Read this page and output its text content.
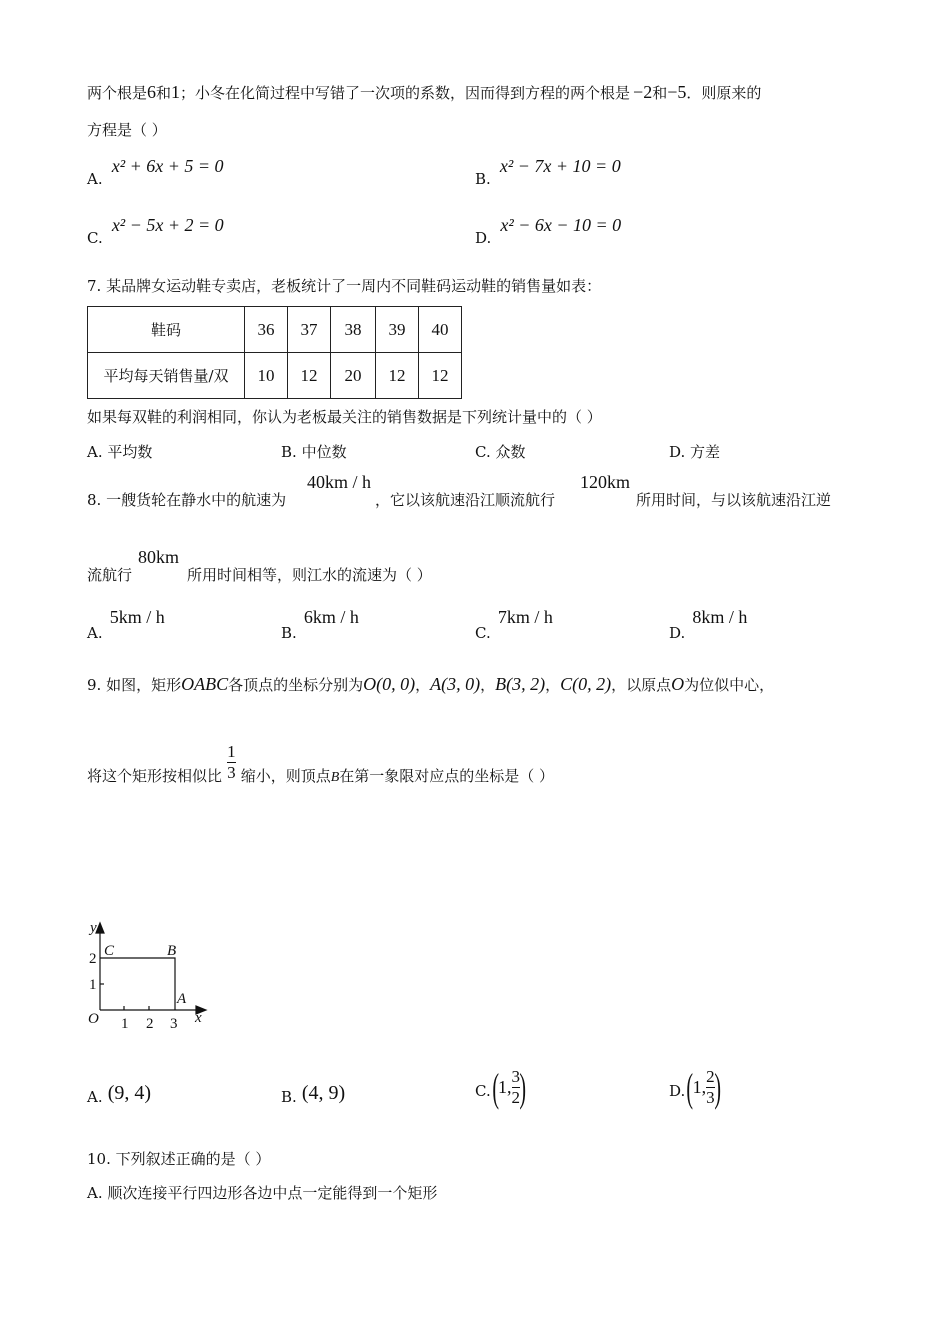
两个根是6和1；小冬在化简过程中写错了一次项的系数，因而得到方程的两个根是 −2和−5．则原来的
方程是（ ）
A. x² + 6x + 5 = 0
B. x² − 7x + 10 = 0
C. x² − 5x + 2 = 0
D. x² − 6x − 10 = 0
7. 某品牌女运动鞋专卖店，老板统计了一周内不同鞋码运动鞋的销售量如表：
鞋码	36	37	38	39	40
平均每天销售量/双	10	12	20	12	12
如果每双鞋的利润相同，你认为老板最关注的销售数据是下列统计量中的（ ）
A. 平均数	B. 中位数	C. 众数	D. 方差
8. 一艘货轮在静水中的航速为
40km / h
，它以该航速沿江顺流航行
120km
所用时间，与以该航速沿江逆
流航行
80km
所用时间相等，则江水的流速为（ ）
A. 5km / h
B. 6km / h
C. 7km / h
D. 8km / h
9. 如图，矩形OABC各顶点的坐标分别为O(0, 0)，A(3, 0)，B(3, 2)，C(0, 2)，以原点O为位似中心，
将这个矩形按相似比 $\frac{1}{3}$ 缩小，则顶点B在第一象限对应点的坐标是（ ）
y
x
O
C	B
A
1 2 3
1
2
A. (9, 4)	B. (4, 9)	C. ( 1, $\frac{3}{2}$ )	D. ( 1, $\frac{2}{3}$ )
10. 下列叙述正确的是（ ）
A. 顺次连接平行四边形各边中点一定能得到一个矩形
